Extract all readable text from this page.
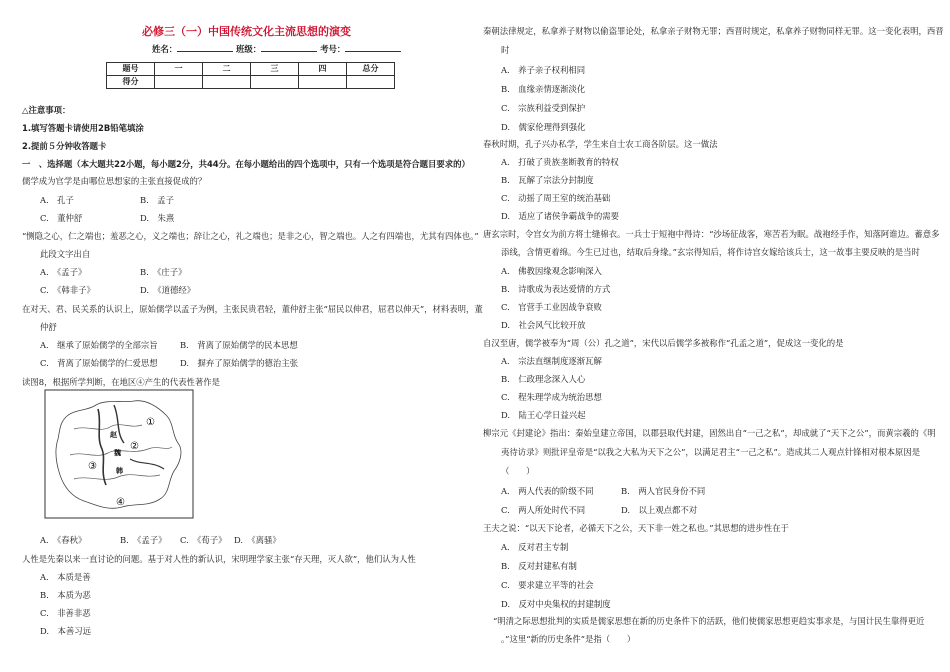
必修三（一）中国传统文化主流思想的演变
姓名：	班级：	考号：
题号	一	二	三	四	总分
得分					
△注意事项：
1.填写答题卡请使用2B铅笔填涂
2.提前５分钟收答题卡
一　、选择题（本大题共22小题，每小题2分，共44分。在每小题给出的四个选项中，只有一个选项是符合题目要求的）
儒学成为官学是由哪位思想家的主张直接促成的？
A.　孔子	B.　孟子
C.　董仲舒	D.　朱熹
“恻隐之心，仁之端也；羞恶之心，义之端也；辞让之心，礼之端也；是非之心，智之端也。人之有四端也，尤其有四体也。”
此段文字出自
A.　《孟子》	B.　《庄子》
C.　《韩非子》	D.　《道德经》
在对天、君、民关系的认识上，原始儒学以孟子为例，主张民贵君轻，董仲舒主张“屈民以伸君，屈君以伸天”，材料表明，董
仲舒
A.　继承了原始儒学的全部宗旨	B.　背离了原始儒学的民本思想
C.　背离了原始儒学的仁爱思想	D.　摒弃了原始儒学的德治主张
读图8，根据所学判断，在地区④产生的代表性著作是
①
②
③
④
赵
魏
韩
A.　《春秋》	B.　《孟子》 C.　《荀子》 D.　《离骚》
人性是先秦以来一直讨论的问题。基于对人性的新认识，宋明理学家主张“存天理，灭人欲”，他们认为人性
A.　本质是善
B.　本质为恶
C.　非善非恶
D.　本善习远
秦朝法律规定，私拿养子财物以偷盗罪论处，私拿亲子财物无罪；西晋时规定，私拿养子财物同样无罪。这一变化表明，西晋
时
A.　养子亲子权利相同
B.　血缘亲情逐渐淡化
C.　宗族利益受到保护
D.　儒家伦理得到强化
春秋时期，孔子兴办私学，学生来自士农工商各阶层。这一做法
A.　打破了贵族垄断教育的特权
B.　瓦解了宗法分封制度
C.　动摇了周王室的统治基础
D.　适应了诸侯争霸战争的需要
唐玄宗时，令宫女为前方将士缝棉衣。一兵士于短袍中得诗：“沙场征战客，寒苦若为眠。战袍经手作，知落阿谁边。蓄意多
添线，含情更着绵。今生已过也，结取后身缘。”玄宗得知后，将作诗宫女嫁给该兵士，这一故事主要反映的是当时
A.　佛教因缘观念影响深入
B.　诗歌成为表达爱情的方式
C.　官营手工业因战争衰败
D.　社会风气比较开放
自汉至唐，儒学被奉为“周（公）孔之道”，宋代以后儒学多被称作“孔孟之道”，促成这一变化的是
A.　宗法直继制度逐渐瓦解
B.　仁政理念深入人心
C.　程朱理学成为统治思想
D.　陆王心学日益兴起
柳宗元《封建论》指出：秦始皇建立帝国，以郡县取代封建，固然出自“一己之私”，却成就了“天下之公”，而黄宗羲的《明
夷待访录》则批评皇帝是“以我之大私为天下之公”，以满足君主“一己之私”。造成其二人观点针锋相对根本原因是
（　　）
A.　两人代表的阶级不同	B.　两人官民身份不同
C.　两人所处时代不同	D.　以上观点都不对
王夫之说：“以天下论者，必循天下之公，天下非一姓之私也。”其思想的进步性在于
A.　反对君主专制
B.　反对封建私有制
C.　要求建立平等的社会
D.　反对中央集权的封建制度
“明清之际思想批判的实质是儒家思想在新的历史条件下的活跃，他们使儒家思想更趋实事求是，与国计民生靠得更近
。”这里“新的历史条件”是指（　　）
